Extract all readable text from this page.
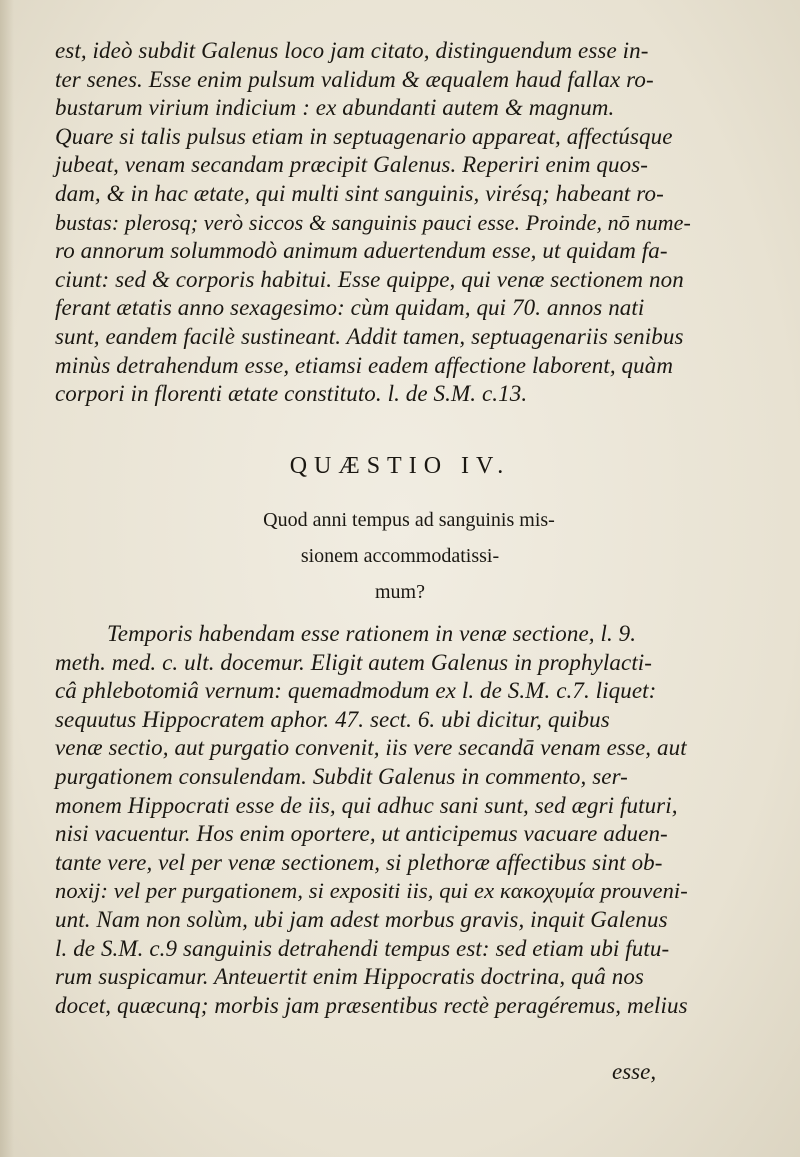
est, ideò subdit Galenus loco jam citato, distinguendum esse in-
ter senes. Esse enim pulsum validum & æqualem haud fallax ro-
bustarum virium indicium : ex abundanti autem & magnum.
Quare si talis pulsus etiam in septuagenario appareat, affectúsque
jubeat, venam secandam præcipit Galenus. Reperiri enim quos-
dam, & in hac ætate, qui multi sint sanguinis, virésq; habeant ro-
bustas: plerosq; verò siccos & sanguinis pauci esse. Proinde, nō nume-
ro annorum solummodò animum aduertendum esse, ut quidam fa-
ciunt: sed & corporis habitui. Esse quippe, qui venæ sectionem non
ferant ætatis anno sexagesimo: cùm quidam, qui 70. annos nati
sunt, eandem facilè sustineant. Addit tamen, septuagenariis senibus
minùs detrahendum esse, etiamsi eadem affectione laborent, quàm
corpori in florenti ætate constituto. l. de S.M. c.13.
QUÆSTIO IV.
Quod anni tempus ad sanguinis mis-
sionem accommodatissi-
mum?
Temporis habendam esse rationem in venæ sectione, l. 9.
meth. med. c. ult. docemur. Eligit autem Galenus in prophylacti-
câ phlebotomiâ vernum: quemadmodum ex l. de S.M. c.7. liquet:
sequutus Hippocratem aphor. 47. sect. 6. ubi dicitur, quibus
venæ sectio, aut purgatio convenit, iis vere secandā venam esse, aut
purgationem consulendam. Subdit Galenus in commento, ser-
monem Hippocrati esse de iis, qui adhuc sani sunt, sed ægri futuri,
nisi vacuentur. Hos enim oportere, ut anticipemus vacuare aduen-
tante vere, vel per venæ sectionem, si plethoræ affectibus sint ob-
noxij: vel per purgationem, si expositi iis, qui ex κακοχυμία prouveni-
unt. Nam non solùm, ubi jam adest morbus gravis, inquit Galenus
l. de S.M. c.9 sanguinis detrahendi tempus est: sed etiam ubi futu-
rum suspicamur. Anteuertit enim Hippocratis doctrina, quâ nos
docet, quæcunq; morbis jam præsentibus rectè peragéremus, melius
esse,
